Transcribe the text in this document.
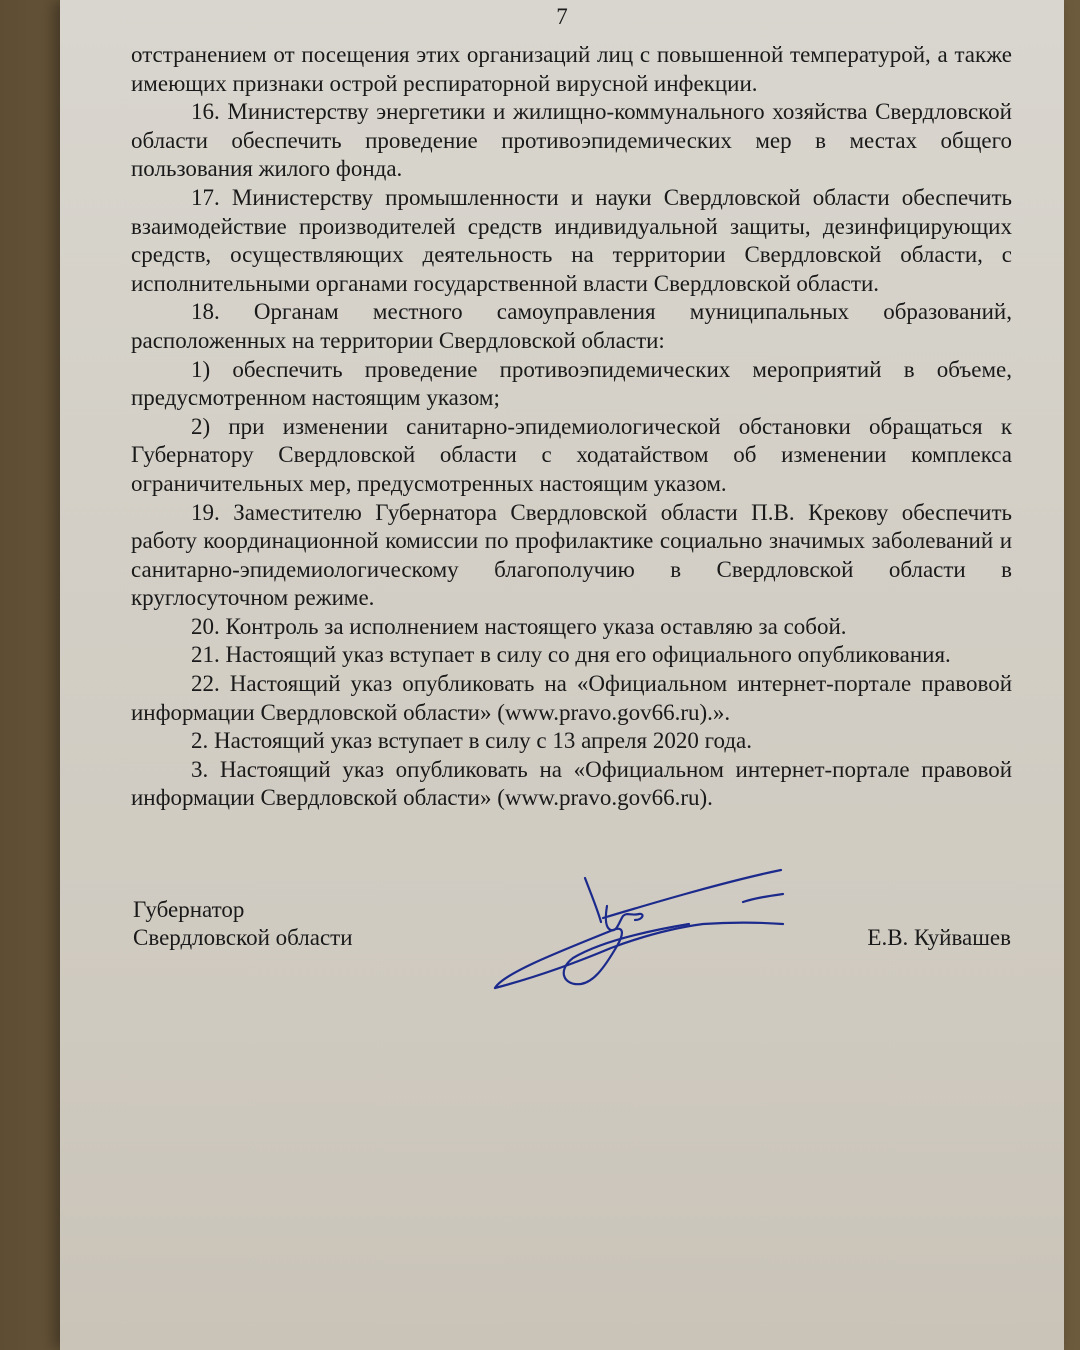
7

отстранением от посещения этих организаций лиц с повышенной температурой, а также имеющих признаки острой респираторной вирусной инфекции.

16. Министерству энергетики и жилищно-коммунального хозяйства Свердловской области обеспечить проведение противоэпидемических мер в местах общего пользования жилого фонда.

17. Министерству промышленности и науки Свердловской области обеспечить взаимодействие производителей средств индивидуальной защиты, дезинфицирующих средств, осуществляющих деятельность на территории Свердловской области, с исполнительными органами государственной власти Свердловской области.

18. Органам местного самоуправления муниципальных образований, расположенных на территории Свердловской области:

1) обеспечить проведение противоэпидемических мероприятий в объеме, предусмотренном настоящим указом;

2) при изменении санитарно-эпидемиологической обстановки обращаться к Губернатору Свердловской области с ходатайством об изменении комплекса ограничительных мер, предусмотренных настоящим указом.

19. Заместителю Губернатора Свердловской области П.В. Крекову обеспечить работу координационной комиссии по профилактике социально значимых заболеваний и санитарно-эпидемиологическому благополучию в Свердловской области в круглосуточном режиме.

20. Контроль за исполнением настоящего указа оставляю за собой.

21. Настоящий указ вступает в силу со дня его официального опубликования.

22. Настоящий указ опубликовать на «Официальном интернет-портале правовой информации Свердловской области» (www.pravo.gov66.ru).».

2. Настоящий указ вступает в силу с 13 апреля 2020 года.

3. Настоящий указ опубликовать на «Официальном интернет-портале правовой информации Свердловской области» (www.pravo.gov66.ru).

Губернатор
Свердловской области	Е.В. Куйвашев
